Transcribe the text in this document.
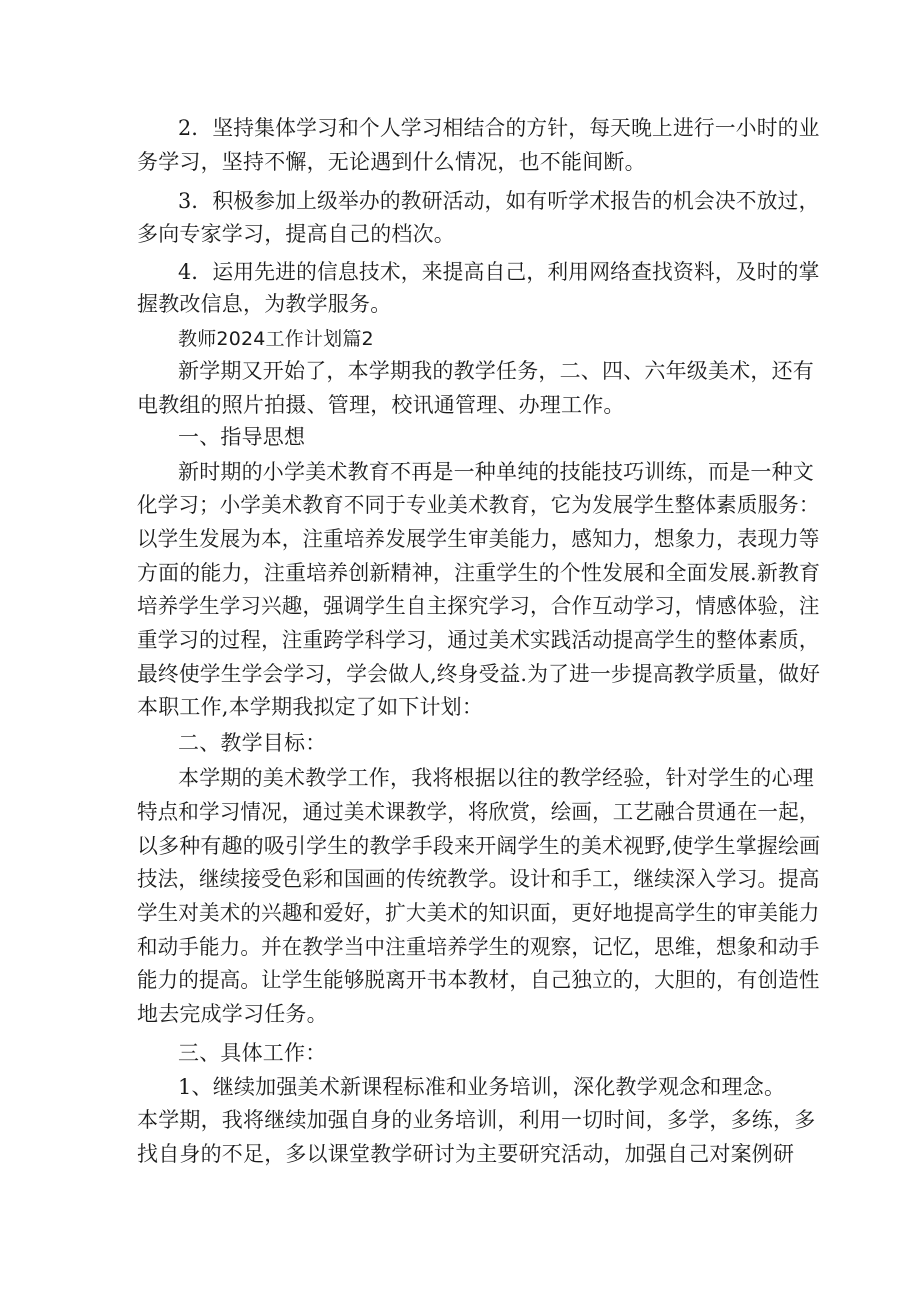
2．坚持集体学习和个人学习相结合的方针，每天晚上进行一小时的业
务学习，坚持不懈，无论遇到什么情况，也不能间断。
3．积极参加上级举办的教研活动，如有听学术报告的机会决不放过，
多向专家学习，提高自己的档次。
4．运用先进的信息技术，来提高自己，利用网络查找资料，及时的掌
握教改信息，为教学服务。
教师2024工作计划篇2
新学期又开始了，本学期我的教学任务，二、四、六年级美术，还有
电教组的照片拍摄、管理，校讯通管理、办理工作。
一、指导思想
新时期的小学美术教育不再是一种单纯的技能技巧训练，而是一种文
化学习；小学美术教育不同于专业美术教育，它为发展学生整体素质服务：
以学生发展为本，注重培养发展学生审美能力，感知力，想象力，表现力等
方面的能力，注重培养创新精神，注重学生的个性发展和全面发展.新教育
培养学生学习兴趣，强调学生自主探究学习，合作互动学习，情感体验，注
重学习的过程，注重跨学科学习，通过美术实践活动提高学生的整体素质，
最终使学生学会学习，学会做人,终身受益.为了进一步提高教学质量，做好
本职工作,本学期我拟定了如下计划：
二、教学目标：
本学期的美术教学工作，我将根据以往的教学经验，针对学生的心理
特点和学习情况，通过美术课教学，将欣赏，绘画，工艺融合贯通在一起，
以多种有趣的吸引学生的教学手段来开阔学生的美术视野,使学生掌握绘画
技法，继续接受色彩和国画的传统教学。设计和手工，继续深入学习。提高
学生对美术的兴趣和爱好，扩大美术的知识面，更好地提高学生的审美能力
和动手能力。并在教学当中注重培养学生的观察，记忆，思维，想象和动手
能力的提高。让学生能够脱离开书本教材，自己独立的，大胆的，有创造性
地去完成学习任务。
三、具体工作：
1、继续加强美术新课程标准和业务培训，深化教学观念和理念。
本学期，我将继续加强自身的业务培训，利用一切时间，多学，多练，多
找自身的不足，多以课堂教学研讨为主要研究活动，加强自己对案例研
